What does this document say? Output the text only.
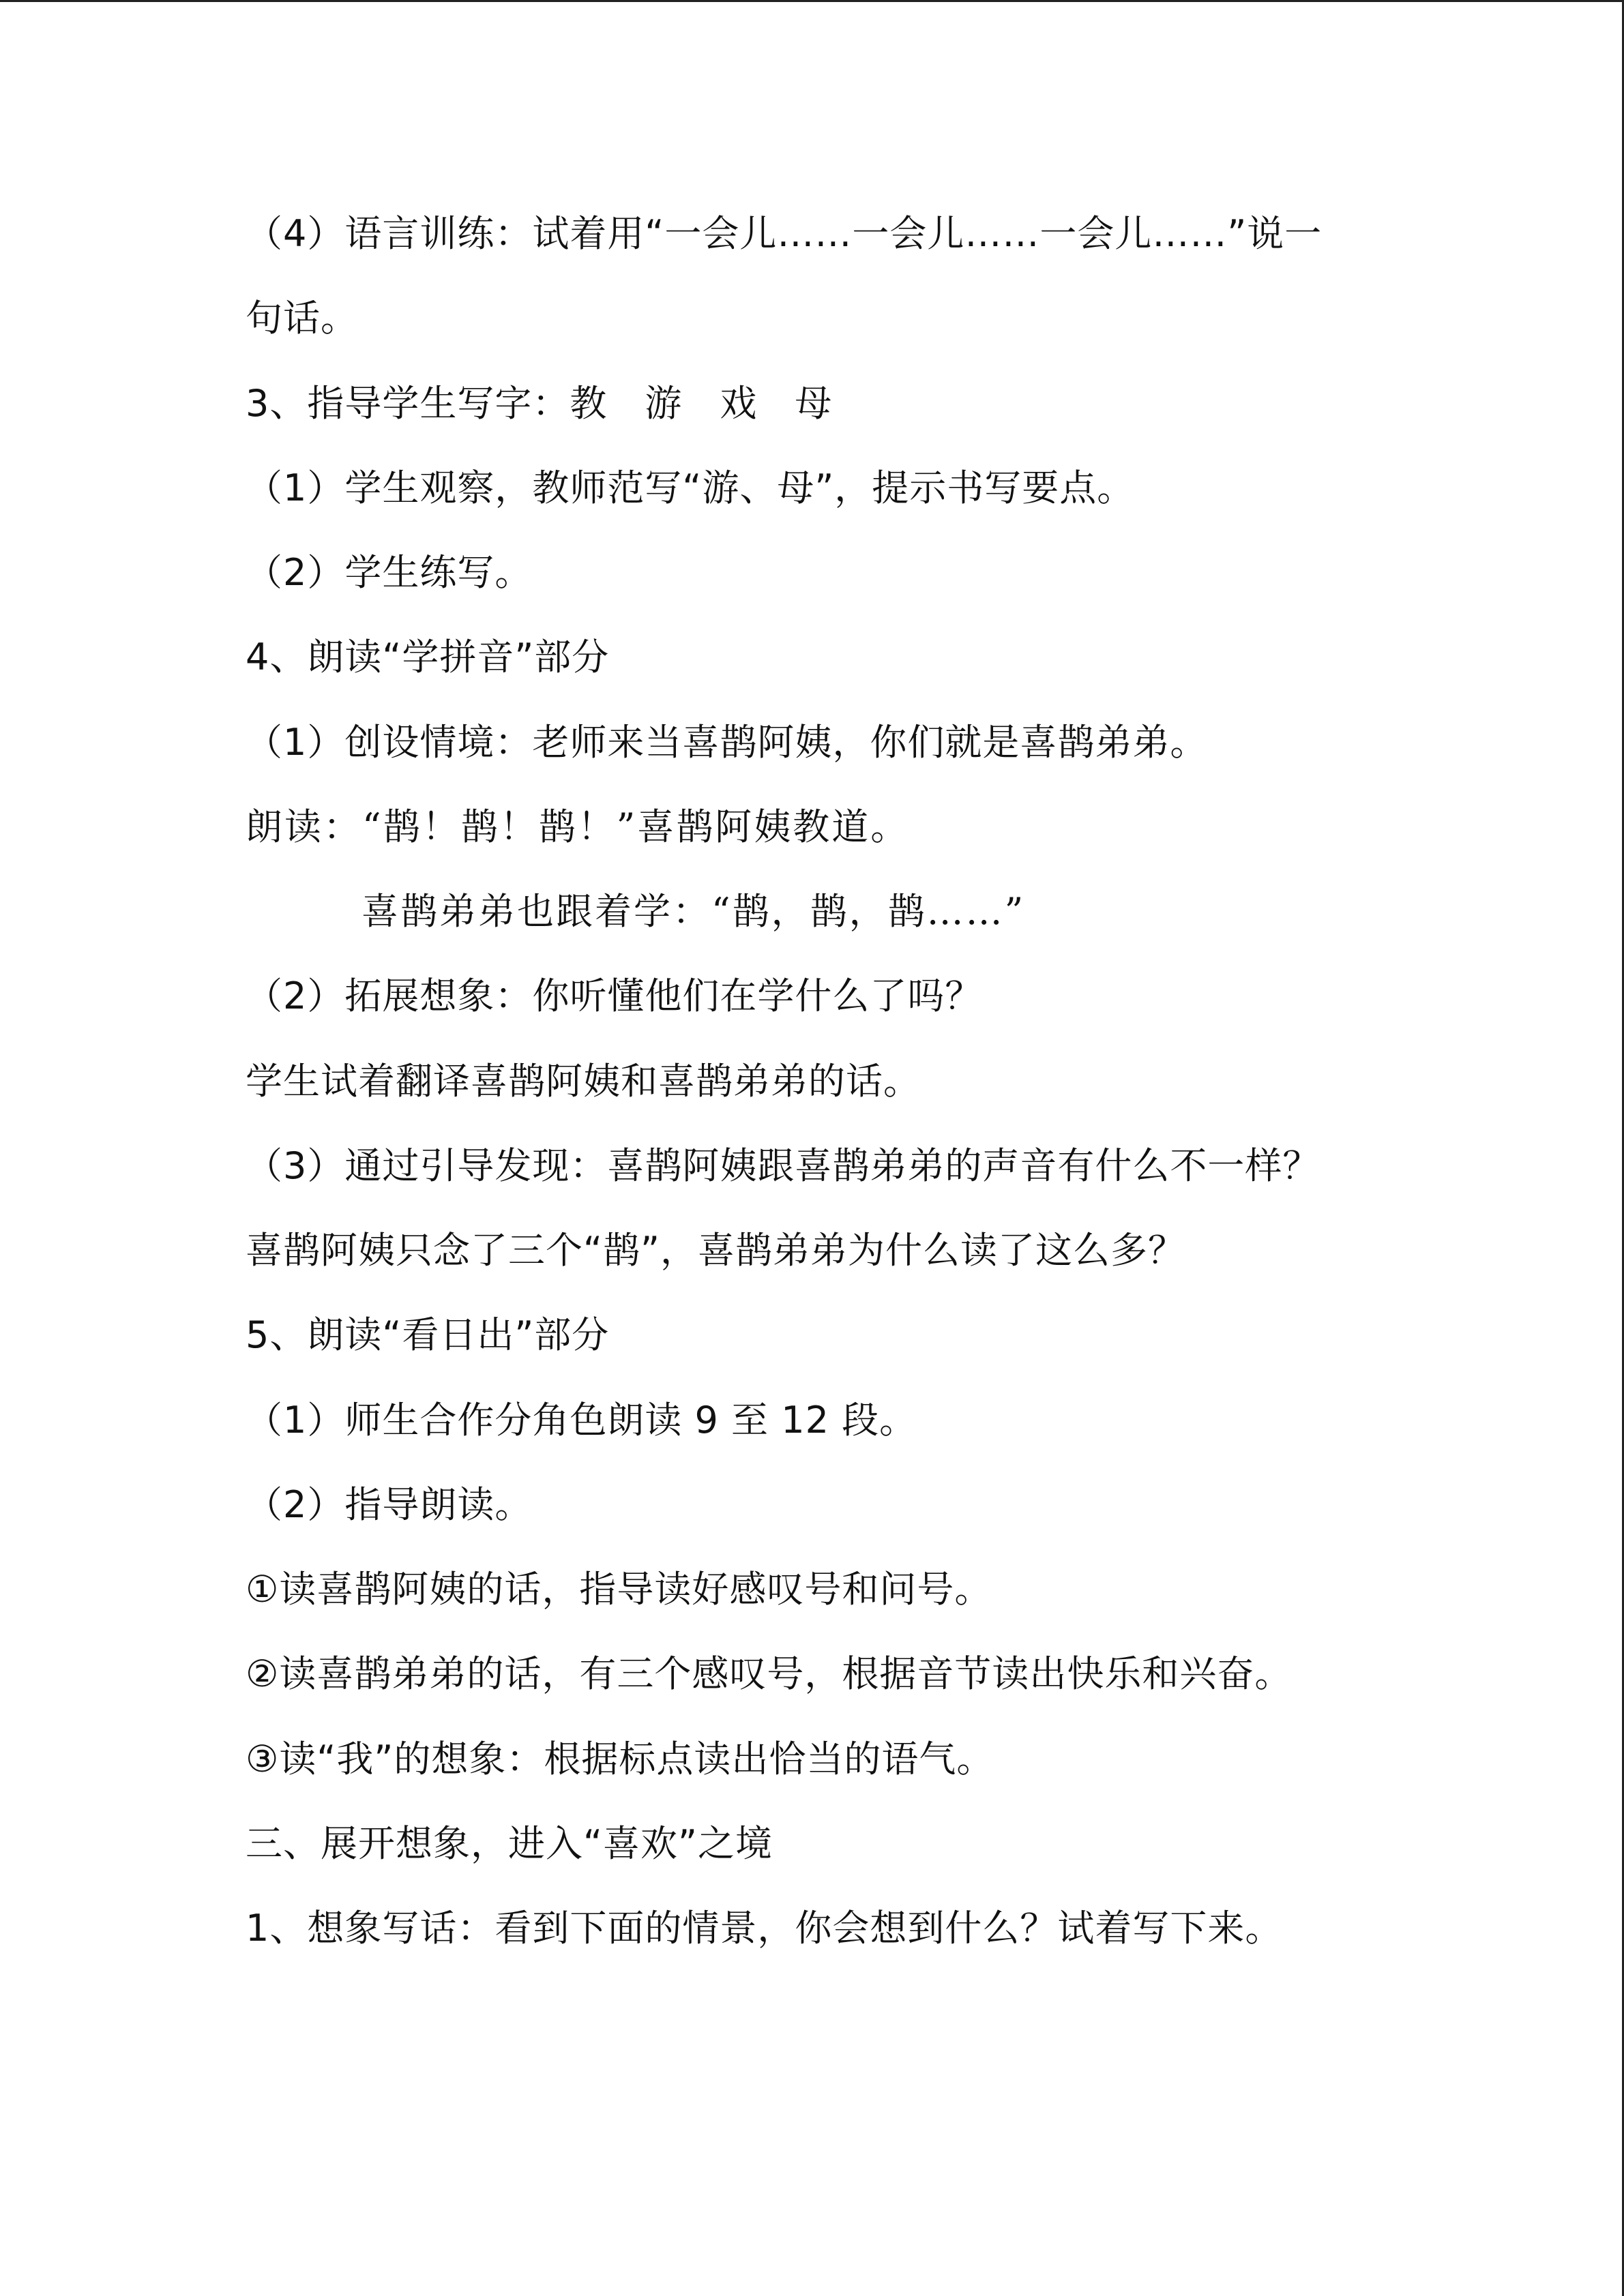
（4）语言训练：试着用“一会儿……一会儿……一会儿……”说一
句话。
3、指导学生写字：教　游　戏　母
（1）学生观察，教师范写“游、母”，提示书写要点。
（2）学生练写。
4、朗读“学拼音”部分
（1）创设情境：老师来当喜鹊阿姨，你们就是喜鹊弟弟。
朗读：“鹊！鹊！鹊！”喜鹊阿姨教道。
喜鹊弟弟也跟着学：“鹊，鹊，鹊……”
（2）拓展想象：你听懂他们在学什么了吗？
学生试着翻译喜鹊阿姨和喜鹊弟弟的话。
（3）通过引导发现：喜鹊阿姨跟喜鹊弟弟的声音有什么不一样？
喜鹊阿姨只念了三个“鹊”，喜鹊弟弟为什么读了这么多？
5、朗读“看日出”部分
（1）师生合作分角色朗读 9 至 12 段。
（2）指导朗读。
①读喜鹊阿姨的话，指导读好感叹号和问号。
②读喜鹊弟弟的话，有三个感叹号，根据音节读出快乐和兴奋。
③读“我”的想象：根据标点读出恰当的语气。
三、展开想象，进入“喜欢”之境
1、想象写话：看到下面的情景，你会想到什么？试着写下来。
